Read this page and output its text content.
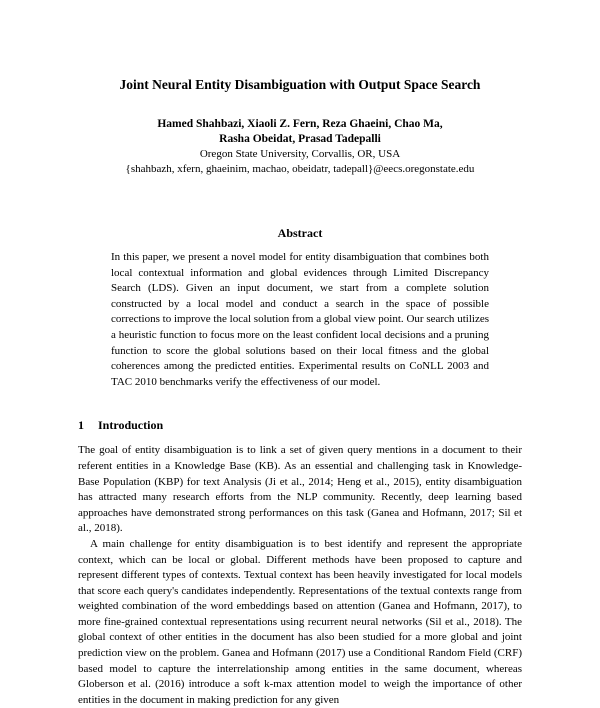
Joint Neural Entity Disambiguation with Output Space Search

Hamed Shahbazi, Xiaoli Z. Fern, Reza Ghaeini, Chao Ma,

Rasha Obeidat, Prasad Tadepalli

Oregon State University, Corvallis, OR, USA

{shahbazh, xfern, ghaeinim, machao, obeidatr, tadepall}@eecs.oregonstate.edu

Abstract

In this paper, we present a novel model for entity disambiguation that combines both local contextual information and global evidences through Limited Discrepancy Search (LDS). Given an input document, we start from a complete solution constructed by a local model and conduct a search in the space of possible corrections to improve the local solution from a global view point. Our search utilizes a heuristic function to focus more on the least confident local decisions and a pruning function to score the global solutions based on their local fitness and the global coherences among the predicted entities. Experimental results on CoNLL 2003 and TAC 2010 benchmarks verify the effectiveness of our model.

1 Introduction

The goal of entity disambiguation is to link a set of given query mentions in a document to their referent entities in a Knowledge Base (KB). As an essential and challenging task in Knowledge-Base Population (KBP) for text Analysis (Ji et al., 2014; Heng et al., 2015), entity disambiguation has attracted many research efforts from the NLP community. Recently, deep learning based approaches have demonstrated strong performances on this task (Ganea and Hofmann, 2017; Sil et al., 2018).

A main challenge for entity disambiguation is to best identify and represent the appropriate context, which can be local or global. Different methods have been proposed to capture and represent different types of contexts. Textual context has been heavily investigated for local models that score each query's candidates independently. Representations of the textual contexts range from weighted combination of the word embeddings based on attention (Ganea and Hofmann, 2017), to more fine-grained contextual representations using recurrent neural networks (Sil et al., 2018). The global context of other entities in the document has also been studied for a more global and joint prediction view on the problem. Ganea and Hofmann (2017) use a Conditional Random Field (CRF) based model to capture the interrelationship among entities in the same document, whereas Globerson et al. (2016) introduce a soft k-max attention model to weigh the importance of other entities in the document in making prediction for any given
